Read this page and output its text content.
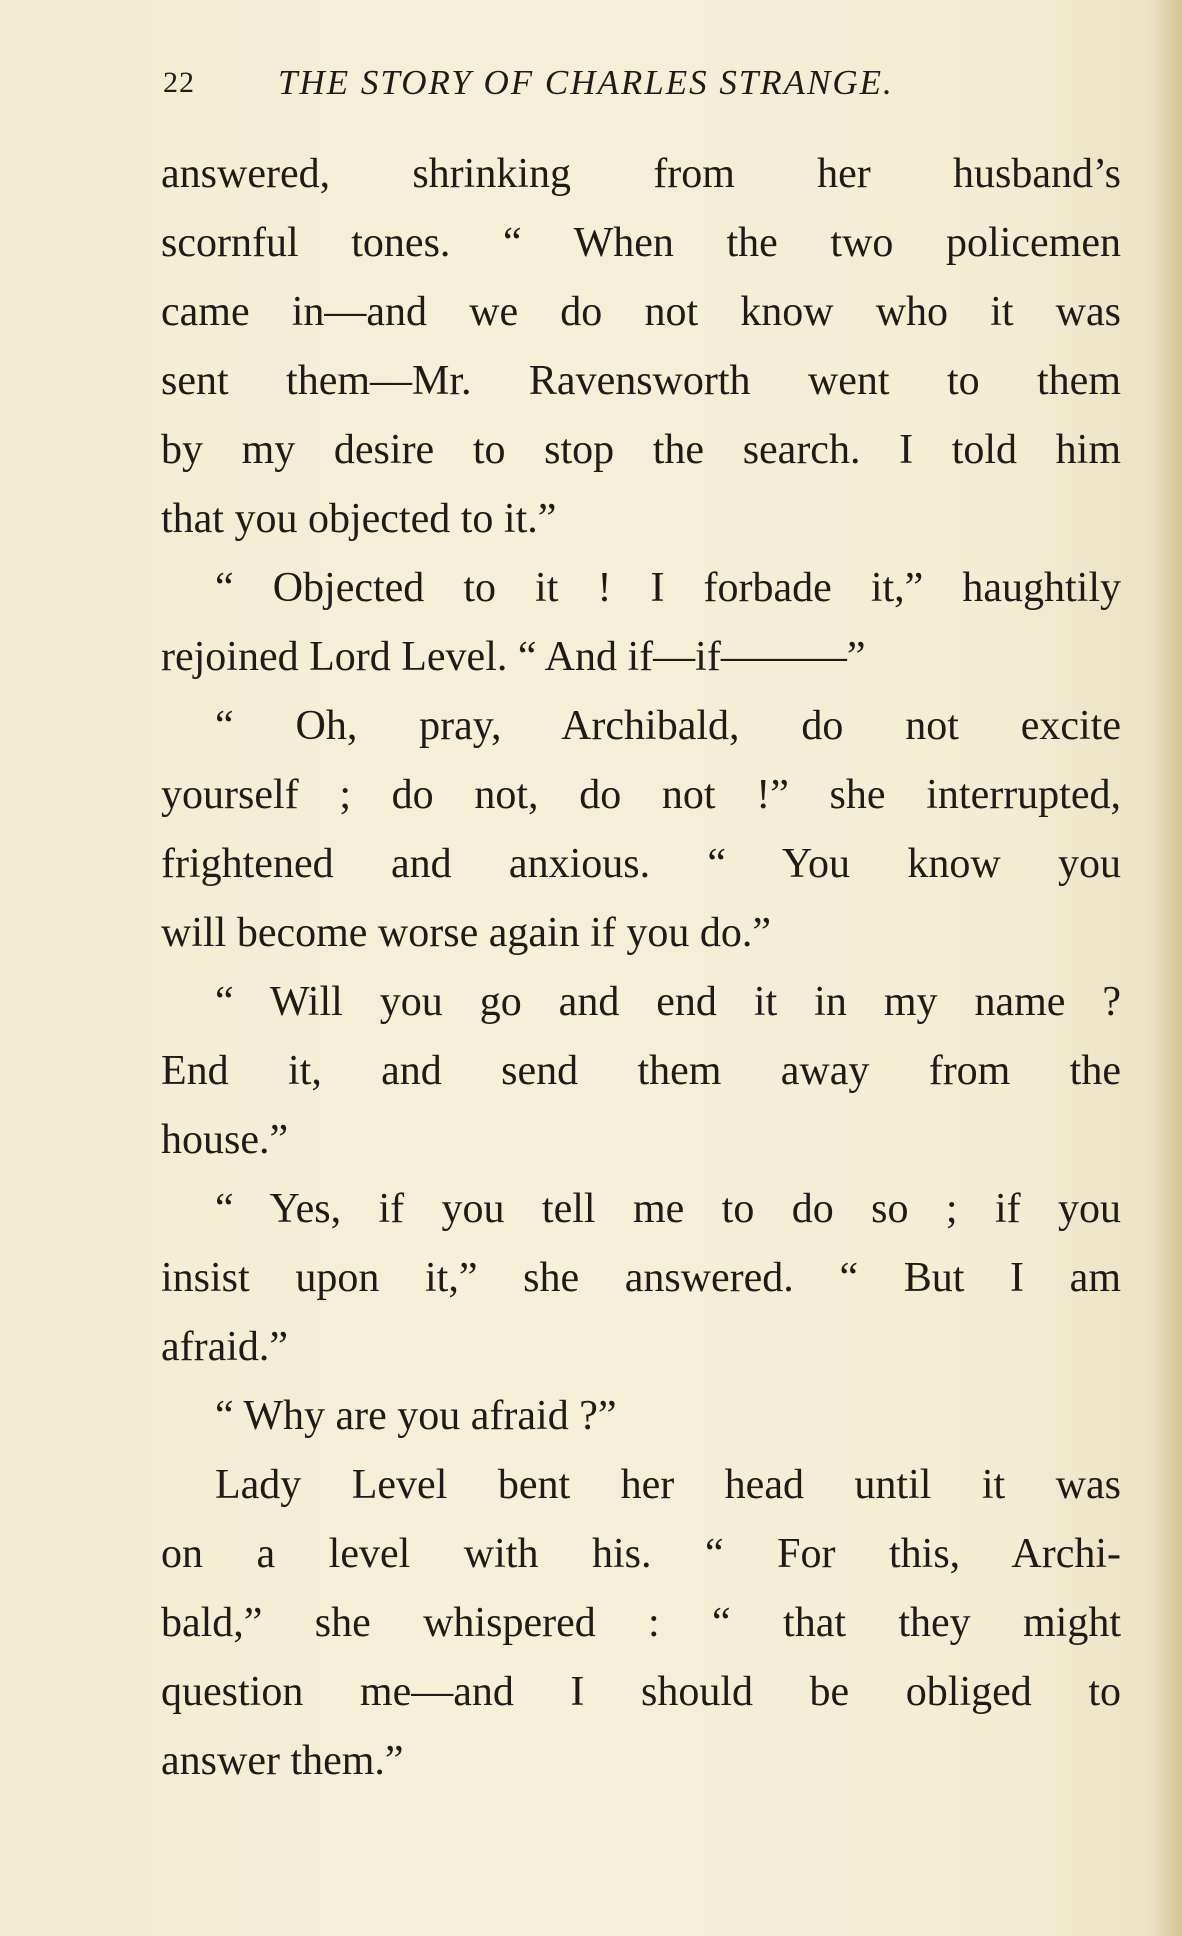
22 THE STORY OF CHARLES STRANGE.
answered, shrinking from her husband’s
scornful tones. “ When the two policemen
came in—and we do not know who it was
sent them—Mr. Ravensworth went to them
by my desire to stop the search. I told him
that you objected to it.”
“ Objected to it ! I forbade it,” haughtily
rejoined Lord Level. “ And if—if———”
“ Oh, pray, Archibald, do not excite
yourself ; do not, do not !” she interrupted,
frightened and anxious. “ You know you
will become worse again if you do.”
“ Will you go and end it in my name ?
End it, and send them away from the
house.”
“ Yes, if you tell me to do so ; if you
insist upon it,” she answered. “ But I am
afraid.”
“ Why are you afraid ?”
Lady Level bent her head until it was
on a level with his. “ For this, Archi-
bald,” she whispered : “ that they might
question me—and I should be obliged to
answer them.”
